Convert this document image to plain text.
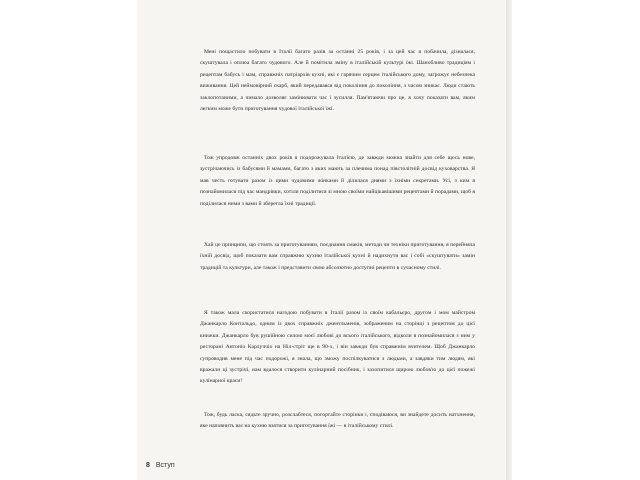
Мені пощастило побувати в Італії багато разів за останні 25 років, і за цей час я побачила, дізналася, скуштувала і оплюа багато чудового. Але й помітила зміну в італійській культурі їжі. Шанобливо традиціям і рецептам бабусь і мам, справжніх патріархів кухні, які є гарячим серцем італійського дому, загрожує небезпека виживання. Цей неймовірний скарб, який передавався від покоління до покоління, з часом зникає. Люди стають заклопотаними, а чимало дозволяє замінювати час і зусилля. Пам'ятаючи про це, я хочу показати вам, яким легким може бути приготування чудової італійської їжі.

Тож упродовж останніх двох років я подорожувала Італією, де завжди можна знайти для себе щось нове, зустрічаючись із бабусями й мамами, багато з яких мають за плечима понад півстолітній досвід куховарства. Я мав честь готувати разом із цими чудовими жінками й ділилася днями з їхніми секретами. Усі, з ким я познайомилася під час мандрівки, хотіли поділитися зі мною своїми найцікавішими рецептами й порадами, щоб я поділилася ними з вами й зберегла їхні традиції.

Хай це принципи, що стоять за приготуванням, поєднання смаків, методи чи техніки приготування, я перейняла їхній досвід, щоб показати вам справжню кухню італійської кухні й надихнути вас і собі «скуштувати» замін традицій та культури, але також і представити свою абсолютно доступні рецепти в сучасному стилі.

Я також мала скористатися нагодою побувати в Італії разом із своїм кабальєро, другом і мом майстром Джанкарло Контальдо, одним із двох справжніх джентльменів, зображеним на сторінці з рецептом до цієї книжки. Джанкарло був рушійною силою моєї любові до всього італійського, відколи я познайомилася з ним у ресторані Антоніо Карлуччіо на Ніл-стріт ще в 90-х, і він завжди був справжнім вчителем. Щоб Джанкарло супроводив мене під час подорожі, я знала, що зможу поспілкуватися з людьми, а завдяки тим людям, які вражали ці зустрічі, нам вдалося створити кулінарний посібник, і захопитися щирою любов'ю до цієї пожежі кулінарної краси!

Тож, будь ласка, сядьте зручно, розслабтеся, погортайте сторінки і, сподіваюся, ви знайдете досить натхнення, яке наповнить вас на кухню взятися за приготування їжі — в італійському стилі.

8 Вступ
